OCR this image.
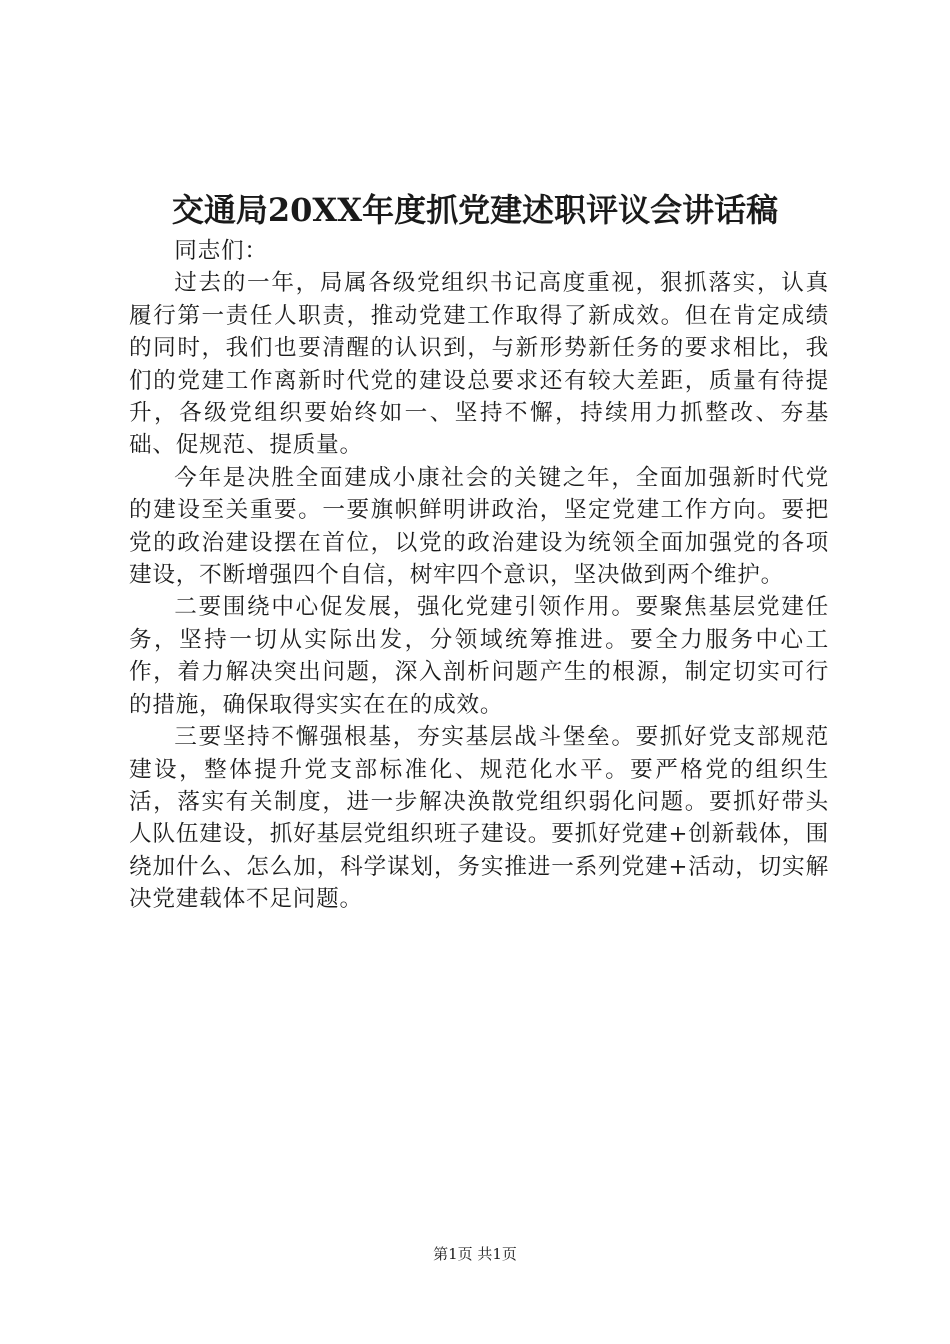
交通局20XX年度抓党建述职评议会讲话稿

同志们：

过去的一年，局属各级党组织书记高度重视，狠抓落实，认真履行第一责任人职责，推动党建工作取得了新成效。但在肯定成绩的同时，我们也要清醒的认识到，与新形势新任务的要求相比，我们的党建工作离新时代党的建设总要求还有较大差距，质量有待提升，各级党组织要始终如一、坚持不懈，持续用力抓整改、夯基础、促规范、提质量。

今年是决胜全面建成小康社会的关键之年，全面加强新时代党的建设至关重要。一要旗帜鲜明讲政治，坚定党建工作方向。要把党的政治建设摆在首位，以党的政治建设为统领全面加强党的各项建设，不断增强四个自信，树牢四个意识，坚决做到两个维护。

二要围绕中心促发展，强化党建引领作用。要聚焦基层党建任务，坚持一切从实际出发，分领域统筹推进。要全力服务中心工作，着力解决突出问题，深入剖析问题产生的根源，制定切实可行的措施，确保取得实实在在的成效。

三要坚持不懈强根基，夯实基层战斗堡垒。要抓好党支部规范建设，整体提升党支部标准化、规范化水平。要严格党的组织生活，落实有关制度，进一步解决涣散党组织弱化问题。要抓好带头人队伍建设，抓好基层党组织班子建设。要抓好党建+创新载体，围绕加什么、怎么加，科学谋划，务实推进一系列党建+活动，切实解决党建载体不足问题。

第1页 共1页
